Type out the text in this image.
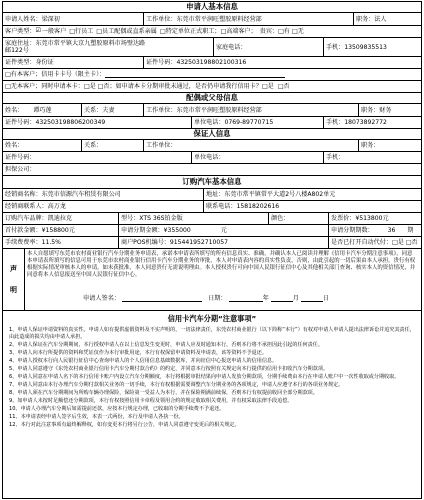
申请人基本信息
申请人姓名： 梁深初	工作单位： 东莞市常平润旺塑胶原料经营部	职务： 法人
客户类型： ☑ 一般客户 □行员工 □员工配偶或直系亲属 □特定单位正式职工 ；□高端客户； 贵宾：□有 □无
家庭住址：东莞市常平镇大京九塑胶原料市场璧达路
邮122号	家庭电话：	手机： 13509835513
证件类型： 身份证	证件号码： 432503198802100316
□有本客户；信用卡卡号（限主卡）：
□无本客户；同时申请本卡：□是 □否；如申请本卡分期审批未通过，是否仍申请我行信用卡？□是 □否
配偶或父母信息
姓名： 谭巧莲	关系： 夫妻	工作单位： 东莞市常平润旺塑胶原料经营部	职务： 财务
证件号码： 432503198806200349	单位电话： 0769-89770715	手机： 18073892772
保证人信息
姓名：	关系：	工作单位：	职务：
证件号码：	单位电话：	手机：
担保公司：
订购汽车基本信息
经销商名称： 东莞市信源汽车租赁有限公司	地址： 东莞市常平镇常平大道2号八楼A802单元
经销商联系人： 高万龙	联系电话： 15818202616
订购汽车品牌： 凯迪拉克	型号： XTS 36S铂金版	颜色：	发票价： ¥513800元
首付款金额： ¥158800元	申请分期金额： ¥355000	元	申请分期期数： 36 期
手续费费率： 11.5%	商户POS机编号： 915441952710057	是否已打开自动代付： □是 □否
声
明
本人自愿填写东莞市农村商业银行汽车分期业务申请表，承诺本申请表所填写的所有信息真实、准确，并确认本人已阅读并理解《信用卡汽车分期注意事项》，同意本申请表所填写的信息可用于东莞市农村商业银行信用卡汽车分期业务的审批，本人对申请表内容的真实性负责，否则，由此引起的一切后果由本人承担。贵行有权根据实际情况审核本人的申请，如未获批准，本人同意贵行无需说明理由。本人授权贵行可向中国人民银行征信中心及其他相关部门查询、核实本人的资信情况，并同意将本人信息报送至中国人民银行征信中心。
申请人签名：	日期：	年	月	日
信用卡汽车分期“注意事项”

1、申请人保证申请资料的真实性。申请人如有提供虚假资料及不实声明的，一切法律责任，东莞农村商业银行（以下简称“本行”）有权对申请人申请人提出法律诉讼并追究其责任，由此造成的损失均由申请人承担。

2、申请人保证在汽车分期期间，本行授权申请人在以上信息发生变更时，申请人应及时通知本行，否则本行将不承担因此引起的任何责任。

3、申请人向本行所提供的资料和凭证仅作为本行审批用途，本行有权保留申请资料及申请表，该等资料不予退还。

4、申请人授权本行向人民银行征信中心查询申请人的个人信用信息基础数据库，并向征信中心报送申请人的信用信息。

5、申请人同意遵守《东莞农村商业银行信用卡汽车分期付款合约》的约定，并同意本行按照有关规定向本行提供的信用卡扣收汽车分期款项。

6、申请人同意在申请人名下的本行信用卡账户内设立汽车分期额度，本行将根据审批结果向申请人发放分期款项，分期手续费由本行在申请人账户中一次性收取或分期收取。

7、申请人同意由本行办理汽车分期付款相关业务的一切手续，本行有权根据需要调整汽车分期业务的各项规定，申请人应遵守本行的各项业务规定。

8、申请人须在汽车分期期间为所购车辆办理保险，保险第一受益人为本行，并在保险期满前续保，否则本行有权提前收回全部分期款项。

9、如申请人未按时足额偿还分期款项，本行有权按照信用卡章程及领用合约的规定收取相关费用，并有权采取法律手段追偿。

10、申请人办理汽车分期后如需提前还款，应按本行规定办理，已收取的分期手续费不予退还。

11、本申请表经申请人签字后生效，本表一式两份，本行及申请人各执一份。

12、本行对此注意事项有最终解释权，如有变更本行将另行公告，申请人同意遵守变更后的相关规定。
